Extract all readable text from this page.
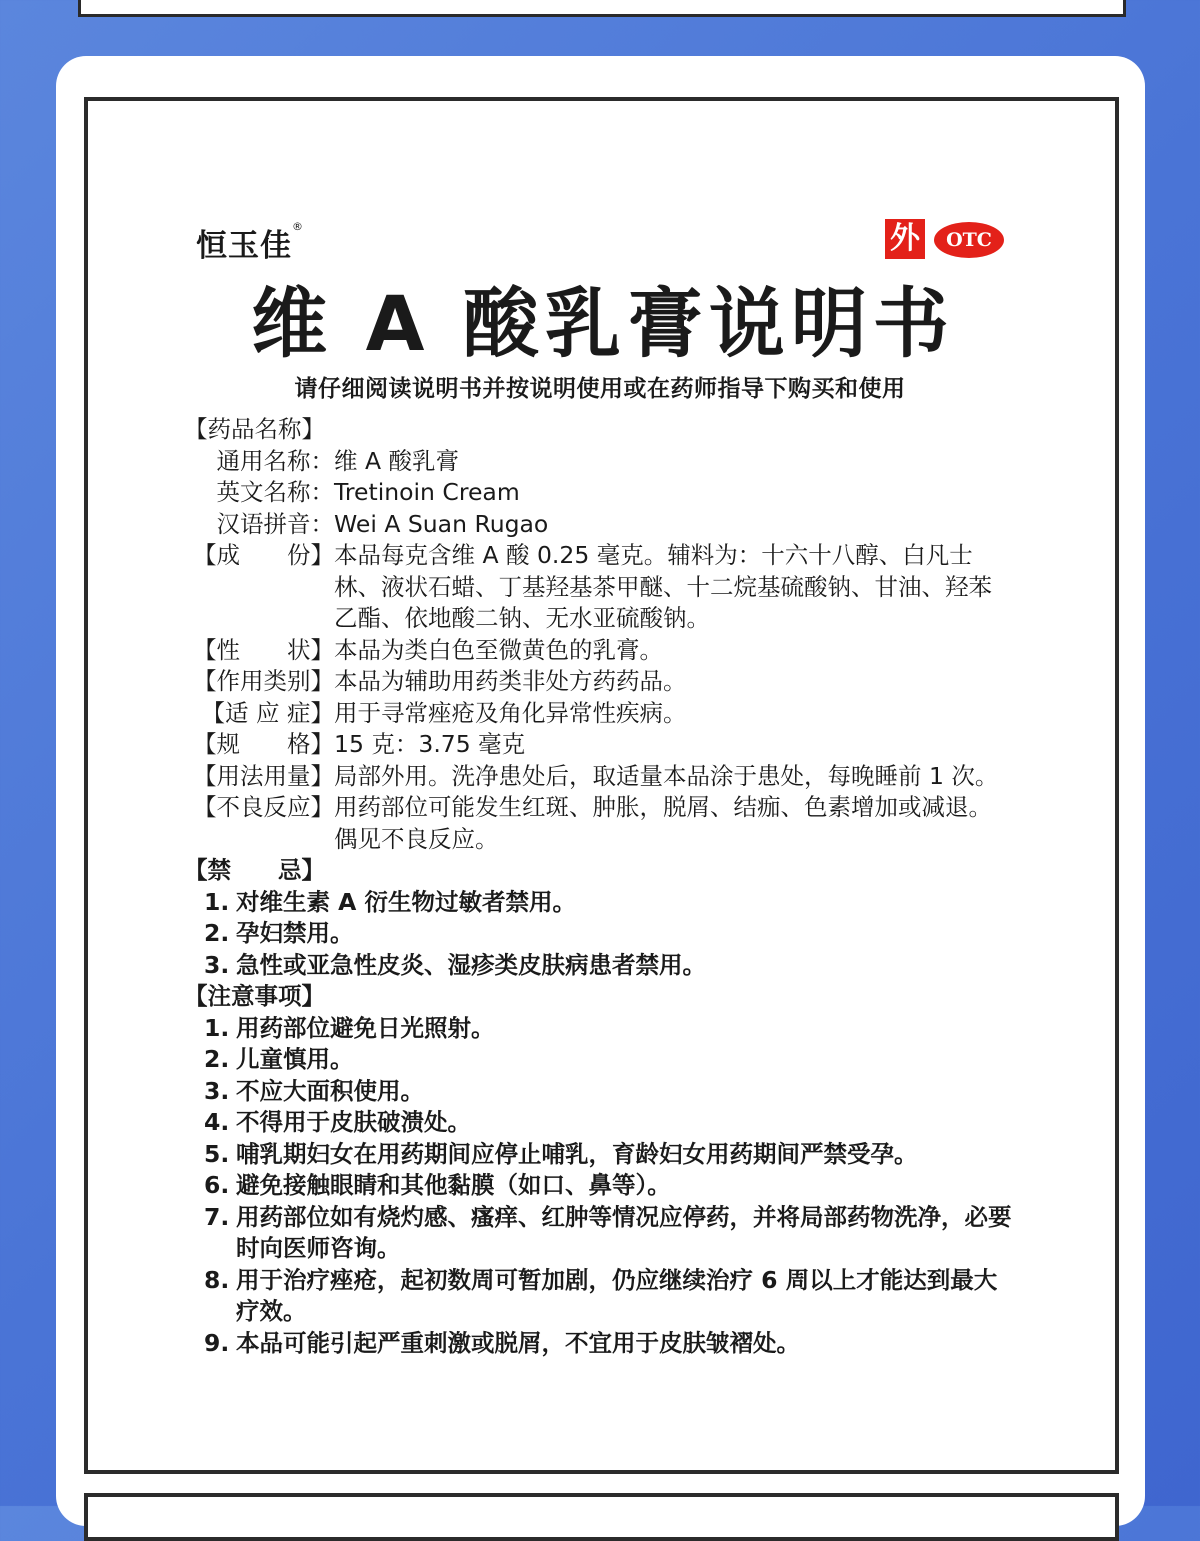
恒玉佳®	外 OTC
维 A 酸乳膏说明书
请仔细阅读说明书并按说明使用或在药师指导下购买和使用
【药品名称】
通用名称： 维 A 酸乳膏
英文名称： Tretinoin Cream
汉语拼音： Wei A Suan Rugao
【成　　份】 本品每克含维 A 酸 0.25 毫克。辅料为：十六十八醇、白凡士林、液状石蜡、丁基羟基茶甲醚、十二烷基硫酸钠、甘油、羟苯乙酯、依地酸二钠、无水亚硫酸钠。
【性　　状】 本品为类白色至微黄色的乳膏。
【作用类别】 本品为辅助用药类非处方药药品。
【适 应 症】 用于寻常痤疮及角化异常性疾病。
【规　　格】 15 克：3.75 毫克
【用法用量】 局部外用。洗净患处后，取适量本品涂于患处，每晚睡前 1 次。
【不良反应】 用药部位可能发生红斑、肿胀，脱屑、结痂、色素增加或减退。偶见不良反应。
【禁　　忌】
1. 对维生素 A 衍生物过敏者禁用。
2. 孕妇禁用。
3. 急性或亚急性皮炎、湿疹类皮肤病患者禁用。
【注意事项】
1. 用药部位避免日光照射。
2. 儿童慎用。
3. 不应大面积使用。
4. 不得用于皮肤破溃处。
5. 哺乳期妇女在用药期间应停止哺乳，育龄妇女用药期间严禁受孕。
6. 避免接触眼睛和其他黏膜（如口、鼻等）。
7. 用药部位如有烧灼感、瘙痒、红肿等情况应停药，并将局部药物洗净，必要时向医师咨询。
8. 用于治疗痤疮，起初数周可暂加剧，仍应继续治疗 6 周以上才能达到最大疗效。
9. 本品可能引起严重刺激或脱屑，不宜用于皮肤皱褶处。
